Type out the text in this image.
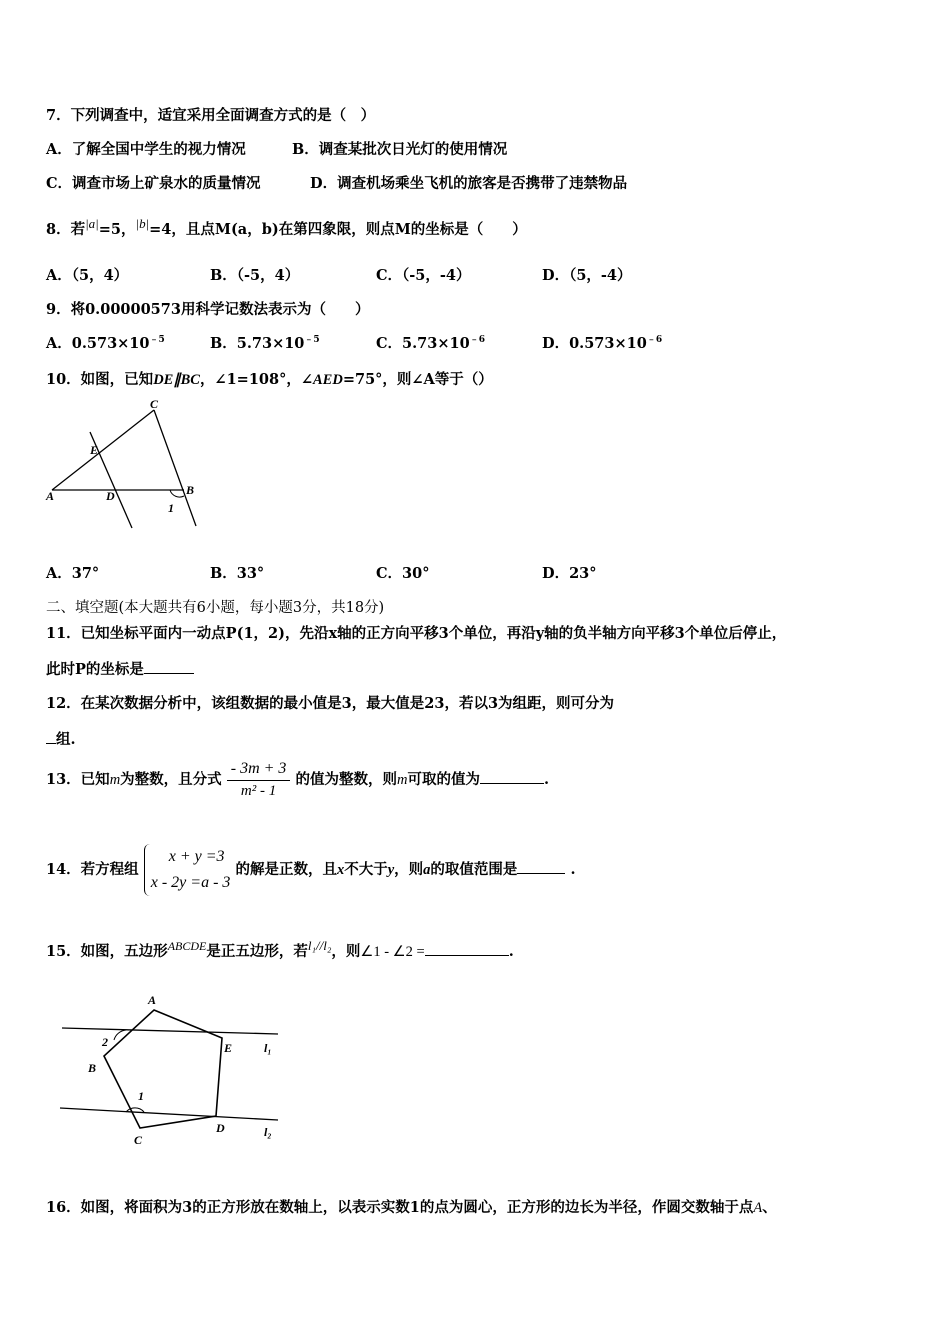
7．下列调查中，适宜采用全面调查方式的是（　）
A．了解全国中学生的视力情况	B．调查某批次日光灯的使用情况
C．调查市场上矿泉水的质量情况	D．调查机场乘坐飞机的旅客是否携带了违禁物品
8．若$^{|a|}$=5，$^{|b|}$=4，且点M(a，b)在第四象限，则点M的坐标是（　　）
A．（5，4）	B．（-5，4）	C．（-5，-4）	D．（5，-4）
9．将0.00000573用科学记数法表示为（　　）
A．$0.573\times 10^{﹣5}$	B．$5.73\times 10^{﹣5}$	C．$5.73\times 10^{﹣6}$	D．$0.573\times 10^{﹣6}$
10．如图，已知DE∥BC，∠1=108°，∠AED=75°，则∠A等于（）
C
E
A	D	B
1
A．37°	B．33°	C．30°	D．23°
二、填空题(本大题共有6小题，每小题3分，共18分)
11．已知坐标平面内一动点P(1，2)，先沿x轴的正方向平移3个单位，再沿y轴的负半轴方向平移3个单位后停止，
此时P的坐标是
12．在某次数据分析中，该组数据的最小值是3，最大值是23，若以3为组距，则可分为
组.
13．已知m为整数，且分式 $\frac{- 3m + 3}{\text{m² - 1}}$ 的值为整数，则m可取的值为	.
14．若方程组
x + y =3
x - 2y =a - 3
的解是正数，且x不大于y，则a的取值范围是	.
15．如图，五边形$^{ABCDE}$是正五边形，若$^{l_1//l_2}$，则∠1 - ∠2 =	.
A
E
2	l₁
B
1
C
D	l₂
16．如图，将面积为3的正方形放在数轴上，以表示实数1的点为圆心，正方形的边长为半径，作圆交数轴于点A、
